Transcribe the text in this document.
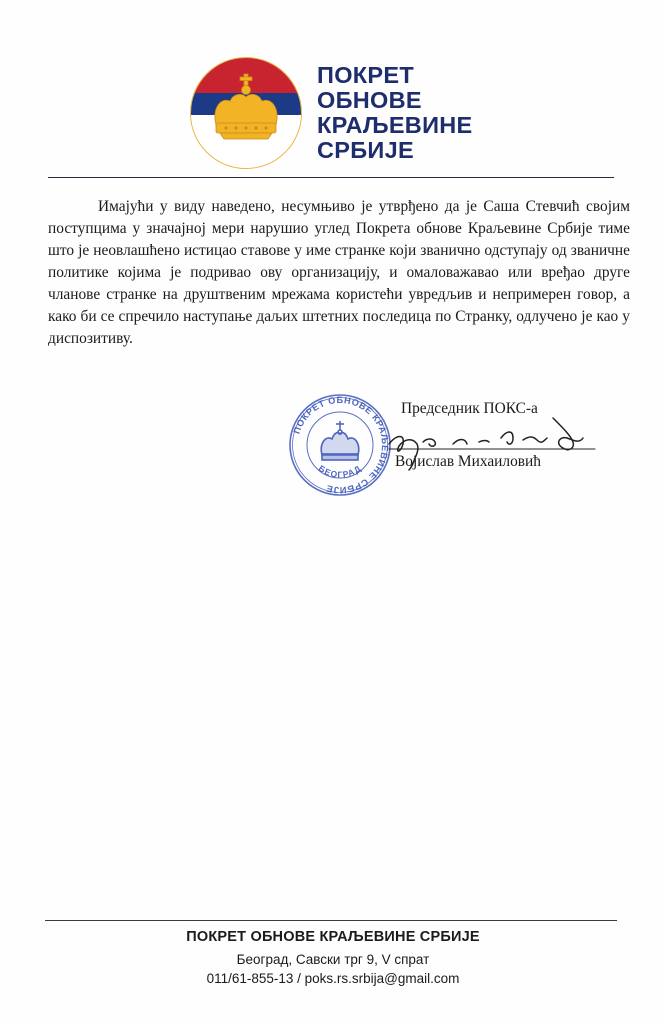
ПОКРЕТ
ОБНОВЕ
КРАЉЕВИНЕ
СРБИЈЕ
Имајући у виду наведено, несумњиво је утврђено да је Саша Стевчић својим поступцима у значајној мери нарушио углед Покрета обнове Краљевине Србије тиме што је неовлашћено истицао ставове у име странке који званично одступају од званичне политике којима је подривао ову организацију, и омаловажавао или вређао друге чланове странке на друштвеним мрежама користећи увредљив и непримерен говор, а како би се спречило наступање даљих штетних последица по Странку, одлучено је као у диспозитиву.
ПОКРЕТ ОБНОВЕ КРАЉЕВИНЕ СРБИЈЕ
БЕОГРАД
Председник ПОКС-а
Војислав Михаиловић
ПОКРЕТ ОБНОВЕ КРАЉЕВИНЕ СРБИЈЕ
Београд, Савски трг 9, V спрат
011/61-855-13 / poks.rs.srbija@gmail.com
